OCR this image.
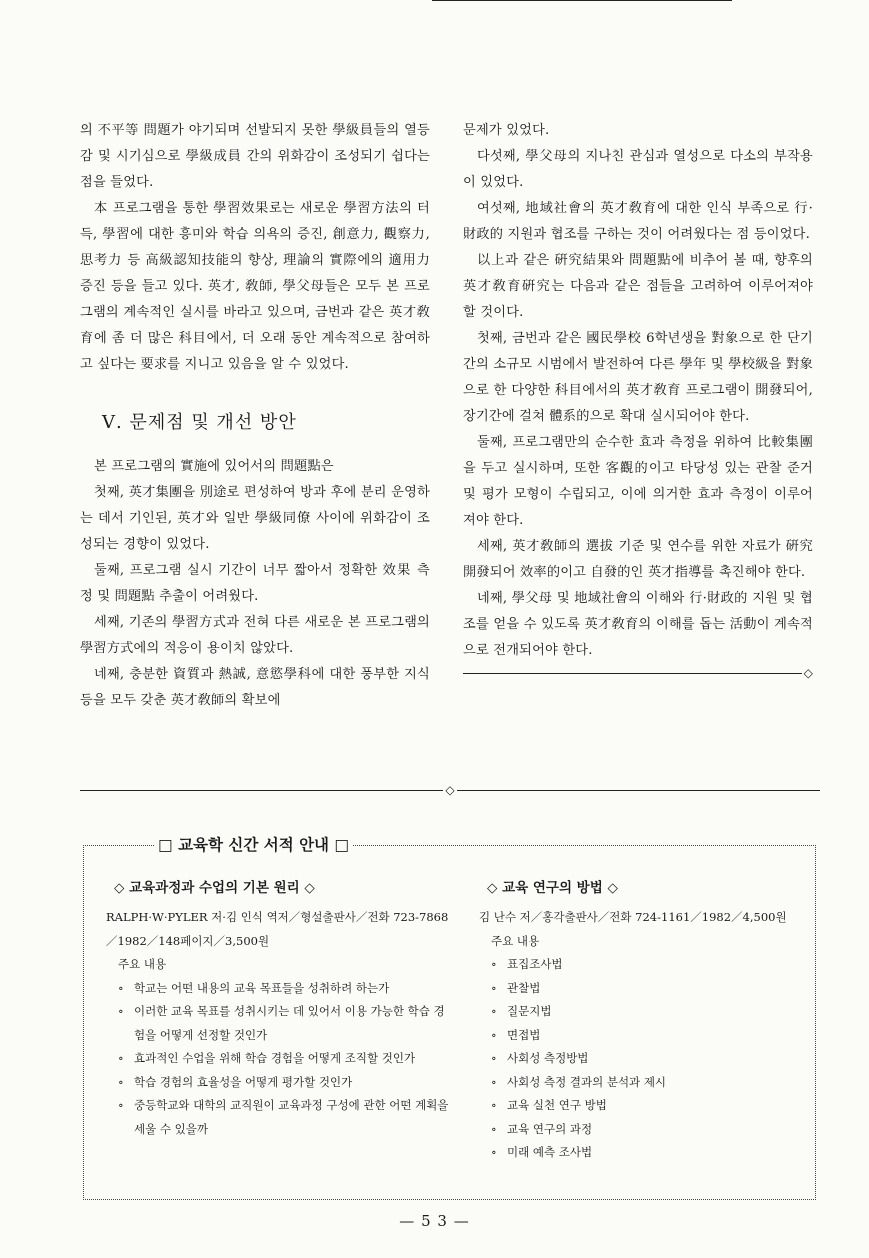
의 不平等 問題가 야기되며 선발되지 못한 學級員들의 열등감 및 시기심으로 學級成員 간의 위화감이 조성되기 쉽다는 점을 들었다.

本 프로그램을 통한 學習效果로는 새로운 學習方法의 터득, 學習에 대한 흥미와 학습 의욕의 증진, 創意力, 觀察力, 思考力 등 高級認知技能의 향상, 理論의 實際에의 適用力 증진 등을 들고 있다. 英才, 敎師, 學父母들은 모두 본 프로그램의 계속적인 실시를 바라고 있으며, 금번과 같은 英才敎育에 좀 더 많은 科目에서, 더 오래 동안 계속적으로 참여하고 싶다는 要求를 지니고 있음을 알 수 있었다.

Ⅴ. 문제점 및 개선 방안

본 프로그램의 實施에 있어서의 問題點은

첫째, 英才集團을 別途로 편성하여 방과 후에 분리 운영하는 데서 기인된, 英才와 일반 學級同僚 사이에 위화감이 조성되는 경향이 있었다.

둘째, 프로그램 실시 기간이 너무 짧아서 정확한 效果 측정 및 問題點 추출이 어려웠다.

세째, 기존의 學習方式과 전혀 다른 새로운 본 프로그램의 學習方式에의 적응이 용이치 않았다.

네째, 충분한 資質과 熱誠, 意慾學科에 대한 풍부한 지식 등을 모두 갖춘 英才敎師의 확보에

문제가 있었다.

다섯째, 學父母의 지나친 관심과 열성으로 다소의 부작용이 있었다.

여섯째, 地域社會의 英才敎育에 대한 인식 부족으로 行·財政的 지원과 협조를 구하는 것이 어려웠다는 점 등이었다.

以上과 같은 硏究結果와 問題點에 비추어 볼 때, 향후의 英才敎育硏究는 다음과 같은 점들을 고려하여 이루어져야 할 것이다.

첫째, 금번과 같은 國民學校 6학년생을 對象으로 한 단기간의 소규모 시범에서 발전하여 다른 學年 및 學校級을 對象으로 한 다양한 科目에서의 英才敎育 프로그램이 開發되어, 장기간에 걸쳐 體系的으로 확대 실시되어야 한다.

둘째, 프로그램만의 순수한 효과 측정을 위하여 比較集團을 두고 실시하며, 또한 客觀的이고 타당성 있는 관찰 준거 및 평가 모형이 수립되고, 이에 의거한 효과 측정이 이루어져야 한다.

세째, 英才敎師의 選拔 기준 및 연수를 위한 자료가 硏究 開發되어 效率的이고 自發的인 英才指導를 촉진해야 한다.

네째, 學父母 및 地域社會의 이해와 行·財政的 지원 및 협조를 얻을 수 있도록 英才敎育의 이해를 돕는 活動이 계속적으로 전개되어야 한다.

◇
◇
□ 교육학 신간 서적 안내 □
◇ 교육과정과 수업의 기본 원리 ◇

RALPH·W·PYLER 저·김 인식 역저／형설출판사／전화 723-7868／1982／148페이지／3,500원

주요 내용

∘ 학교는 어떤 내용의 교육 목표들을 성취하려 하는가
∘ 이러한 교육 목표를 성취시키는 데 있어서 이용 가능한 학습 경험을 어떻게 선정할 것인가
∘ 효과적인 수업을 위해 학습 경험을 어떻게 조직할 것인가
∘ 학습 경험의 효율성을 어떻게 평가할 것인가
∘ 중등학교와 대학의 교직원이 교육과정 구성에 관한 어떤 계획을 세울 수 있을까
◇ 교육 연구의 방법 ◇

김 난수 저／홍각출판사／전화 724-1161／1982／4,500원

주요 내용

∘ 표집조사법
∘ 관찰법
∘ 질문지법
∘ 면접법
∘ 사회성 측정방법
∘ 사회성 측정 결과의 분석과 제시
∘ 교육 실천 연구 방법
∘ 교육 연구의 과정
∘ 미래 예측 조사법
— 5 3 —
